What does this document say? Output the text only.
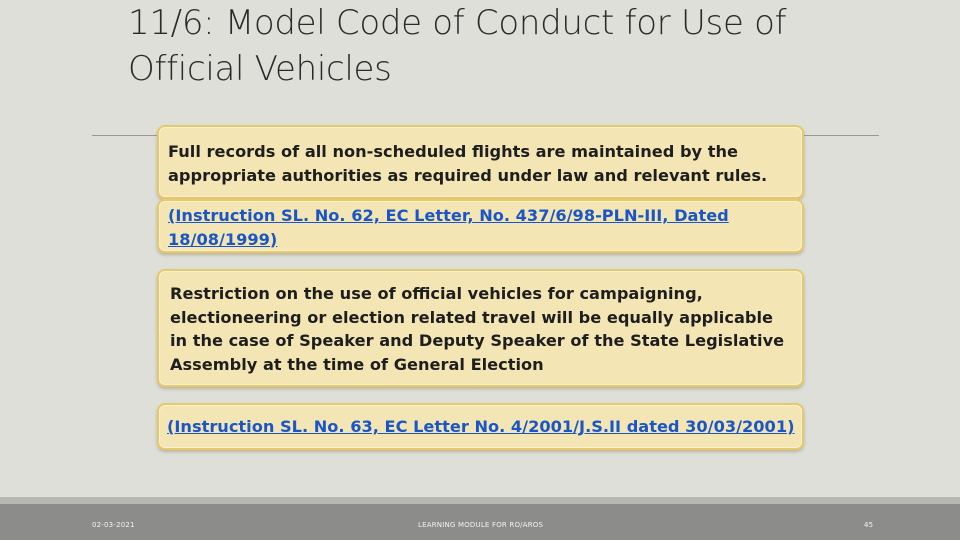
11/6: Model Code of Conduct for Use of
Official Vehicles

Full records of all non-scheduled flights are maintained by the appropriate authorities as required under law and relevant rules.

(Instruction SL. No. 62, EC Letter, No. 437/6/98-PLN-III, Dated 18/08/1999)

Restriction on the use of official vehicles for campaigning, electioneering or election related travel will be equally applicable in the case of Speaker and Deputy Speaker of the State Legislative Assembly at the time of General Election

(Instruction SL. No. 63, EC Letter No. 4/2001/J.S.II dated 30/03/2001)

02-03-2021	LEARNING MODULE FOR RO/AROS	45
